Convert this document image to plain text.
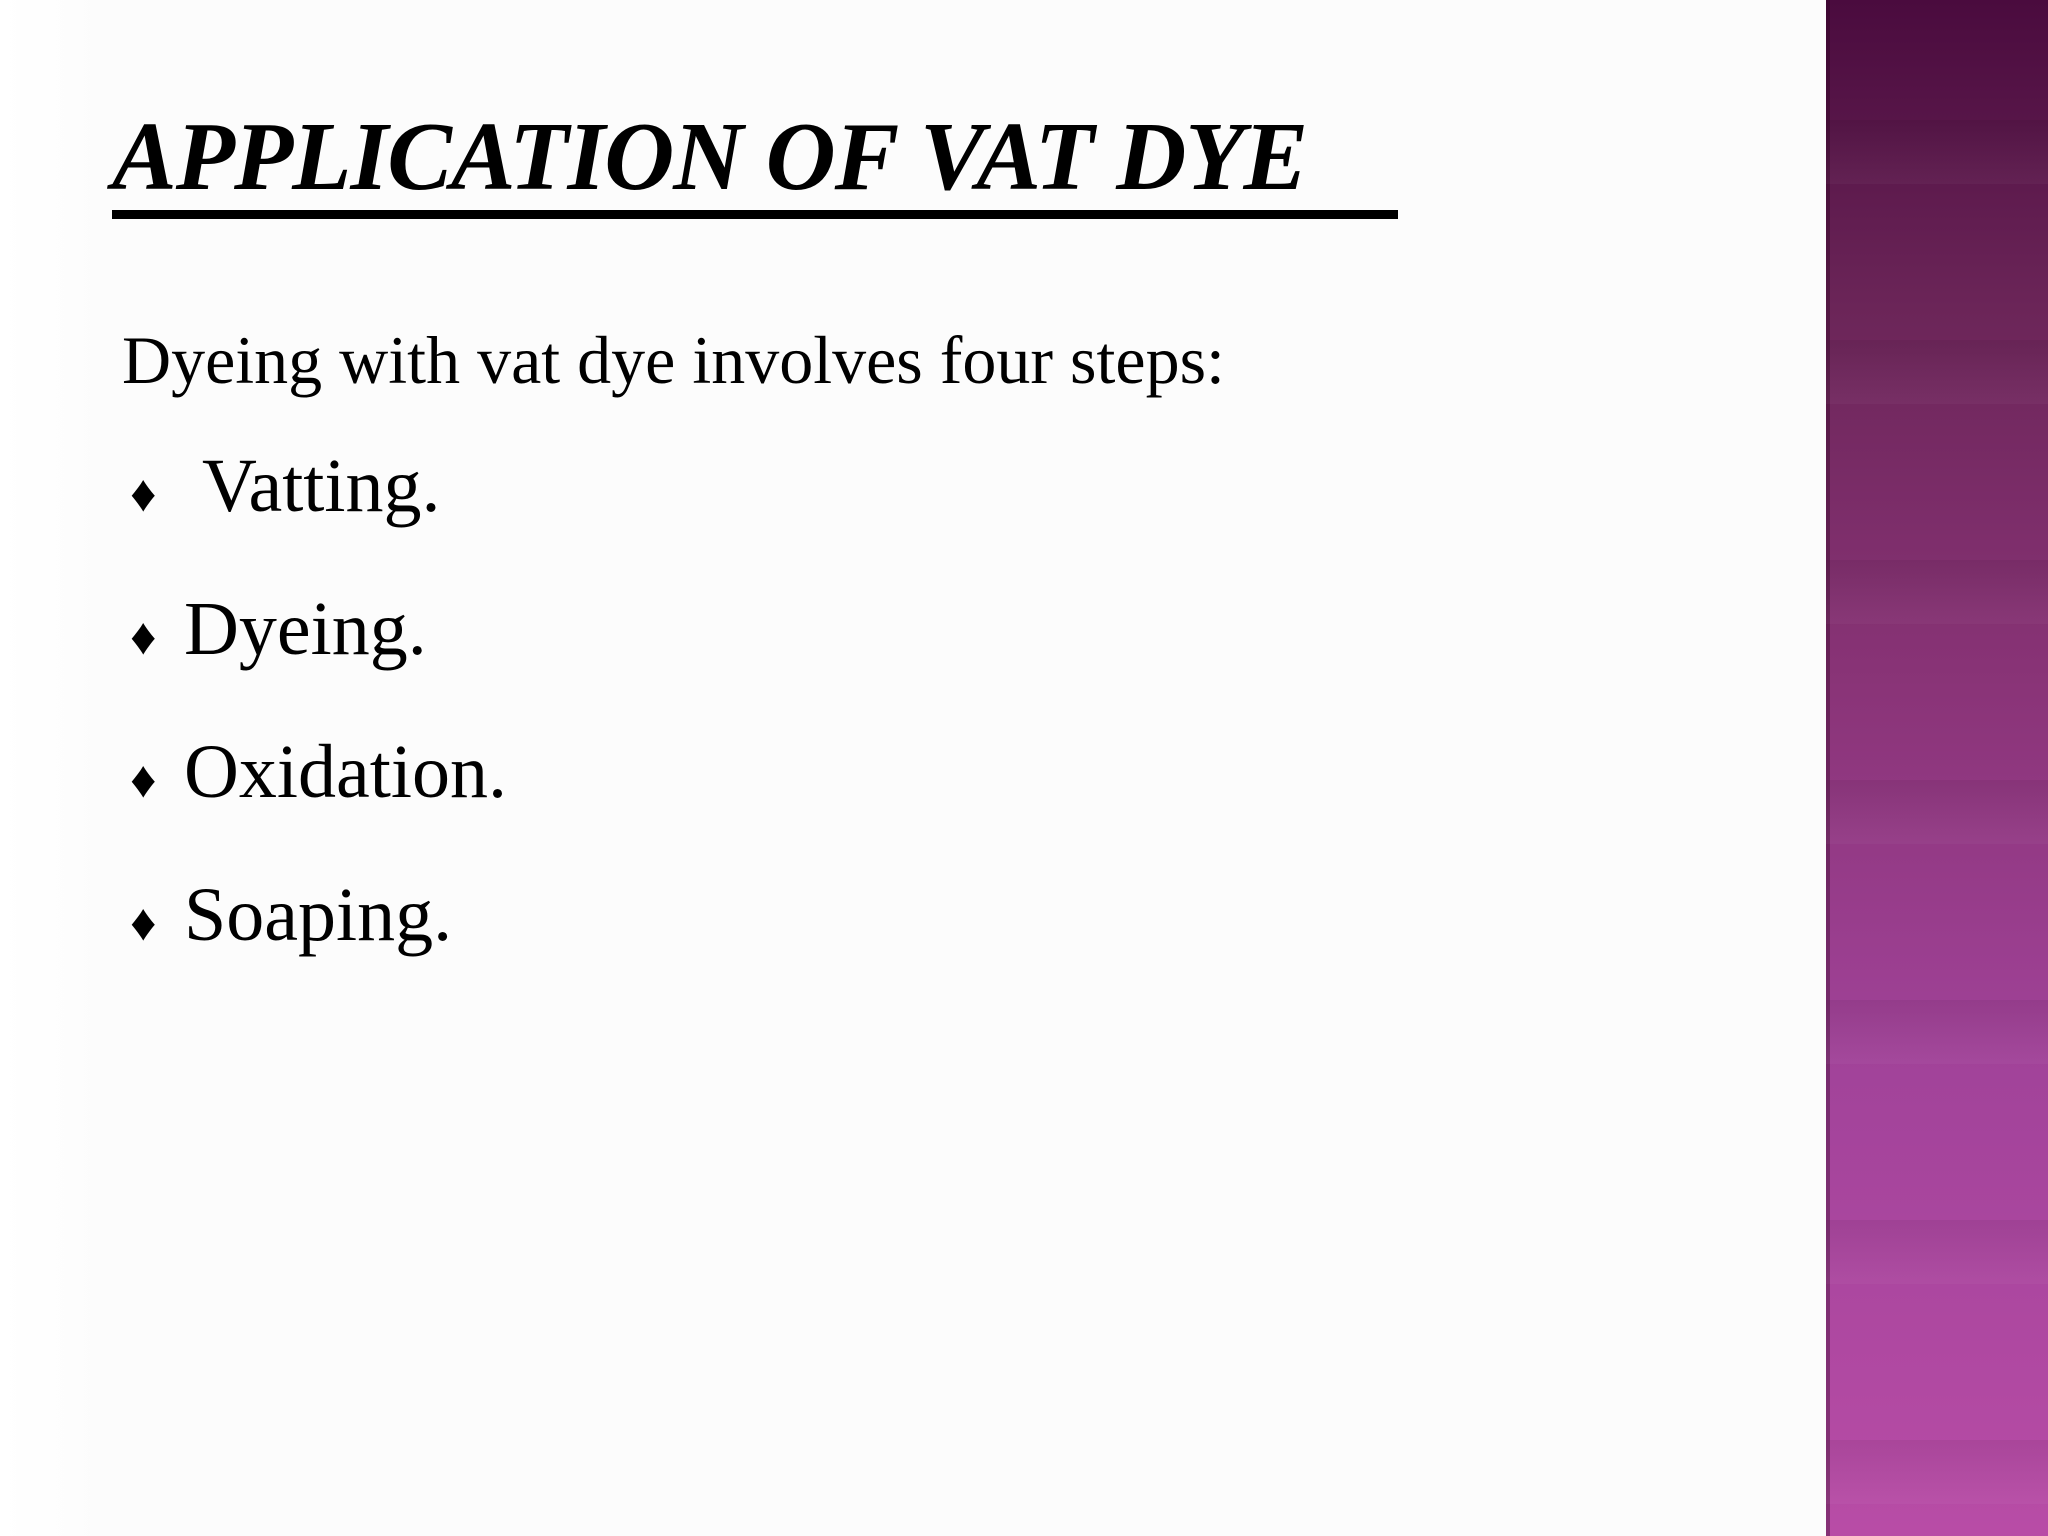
APPLICATION OF VAT DYE
Dyeing with vat dye involves four steps:
♦ Vatting.
♦ Dyeing.
♦ Oxidation.
♦ Soaping.
